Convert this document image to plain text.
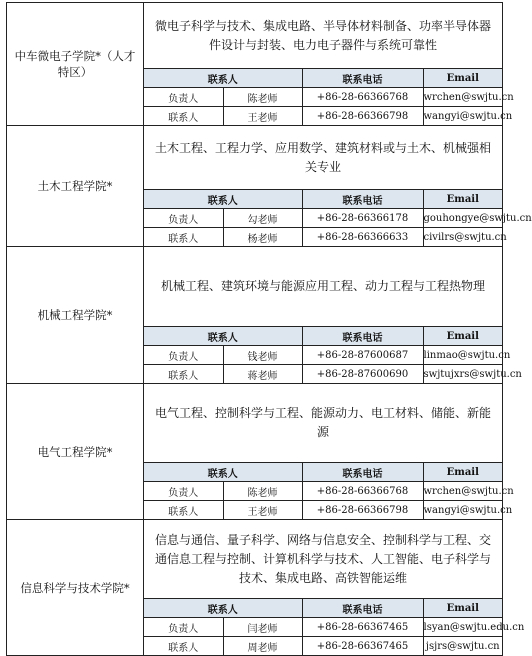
中车微电子学院*（人才特区）	
微电子科学与技术、集成电路、半导体材料制备、功率半导体器件设计与封装、电力电子器件与系统可靠性
联系人	联系电话	Email
负责人	陈老师	+86-28-66366768	wrchen@swjtu.cn
联系人	王老师	+86-28-66366798	wangyi@swjtu.cn

土木工程学院*	
土木工程、工程力学、应用数学、建筑材料或与土木、机械强相关专业
联系人	联系电话	Email
负责人	勾老师	+86-28-66366178	gouhongye@swjtu.cn
联系人	杨老师	+86-28-66366633	civilrs@swjtu.cn

机械工程学院*	
机械工程、建筑环境与能源应用工程、动力工程与工程热物理
联系人	联系电话	Email
负责人	钱老师	+86-28-87600687	linmao@swjtu.cn
联系人	蒋老师	+86-28-87600690	swjtujxrs@swjtu.cn

电气工程学院*	
电气工程、控制科学与工程、能源动力、电工材料、储能、新能源
联系人	联系电话	Email
负责人	陈老师	+86-28-66366768	wrchen@swjtu.cn
联系人	王老师	+86-28-66366798	wangyi@swjtu.cn

信息科学与技术学院*	
信息与通信、量子科学、网络与信息安全、控制科学与工程、交通信息工程与控制、计算机科学与技术、人工智能、电子科学与技术、集成电路、高铁智能运维
联系人	联系电话	Email
负责人	闫老师	+86-28-66367465	lsyan@swjtu.edu.cn
联系人	周老师	+86-28-66367465	jsjrs@swjtu.cn
